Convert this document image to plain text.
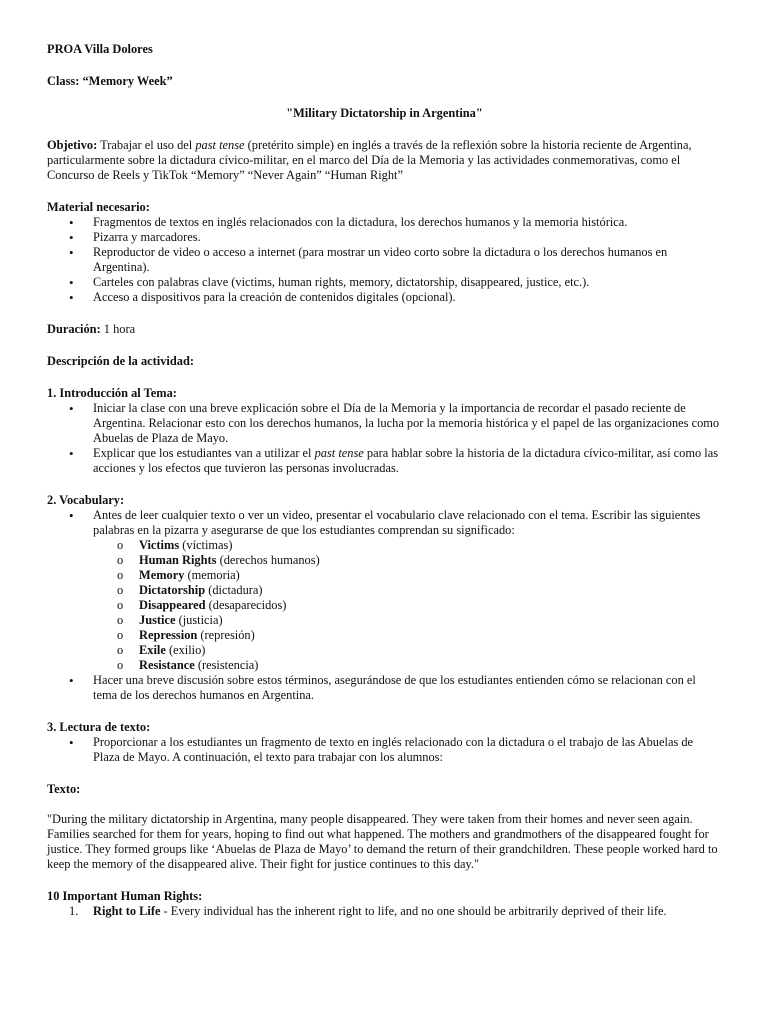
PROA Villa Dolores

Class: “Memory Week”

"Military Dictatorship in Argentina"

Objetivo: Trabajar el uso del past tense (pretérito simple) en inglés a través de la reflexión sobre la historia reciente de Argentina, particularmente sobre la dictadura cívico-militar, en el marco del Día de la Memoria y las actividades conmemorativas, como el Concurso de Reels y TikTok “Memory” “Never Again” “Human Right”

Material necesario:

• Fragmentos de textos en inglés relacionados con la dictadura, los derechos humanos y la memoria histórica.
• Pizarra y marcadores.
• Reproductor de video o acceso a internet (para mostrar un video corto sobre la dictadura o los derechos humanos en Argentina).
• Carteles con palabras clave (victims, human rights, memory, dictatorship, disappeared, justice, etc.).
• Acceso a dispositivos para la creación de contenidos digitales (opcional).

Duración: 1 hora

Descripción de la actividad:

1. Introducción al Tema:

• Iniciar la clase con una breve explicación sobre el Día de la Memoria y la importancia de recordar el pasado reciente de Argentina. Relacionar esto con los derechos humanos, la lucha por la memoria histórica y el papel de las organizaciones como Abuelas de Plaza de Mayo.
• Explicar que los estudiantes van a utilizar el past tense para hablar sobre la historia de la dictadura cívico-militar, así como las acciones y los efectos que tuvieron las personas involucradas.

2. Vocabulary:

• Antes de leer cualquier texto o ver un video, presentar el vocabulario clave relacionado con el tema. Escribir las siguientes palabras en la pizarra y asegurarse de que los estudiantes comprendan su significado:
o Victims (víctimas)
o Human Rights (derechos humanos)
o Memory (memoria)
o Dictatorship (dictadura)
o Disappeared (desaparecidos)
o Justice (justicia)
o Repression (represión)
o Exile (exilio)
o Resistance (resistencia)
• Hacer una breve discusión sobre estos términos, asegurándose de que los estudiantes entienden cómo se relacionan con el tema de los derechos humanos en Argentina.

3. Lectura de texto:

• Proporcionar a los estudiantes un fragmento de texto en inglés relacionado con la dictadura o el trabajo de las Abuelas de Plaza de Mayo. A continuación, el texto para trabajar con los alumnos:

Texto:

"During the military dictatorship in Argentina, many people disappeared. They were taken from their homes and never seen again. Families searched for them for years, hoping to find out what happened. The mothers and grandmothers of the disappeared fought for justice. They formed groups like ‘Abuelas de Plaza de Mayo’ to demand the return of their grandchildren. These people worked hard to keep the memory of the disappeared alive. Their fight for justice continues to this day."

10 Important Human Rights:

1. Right to Life - Every individual has the inherent right to life, and no one should be arbitrarily deprived of their life.
